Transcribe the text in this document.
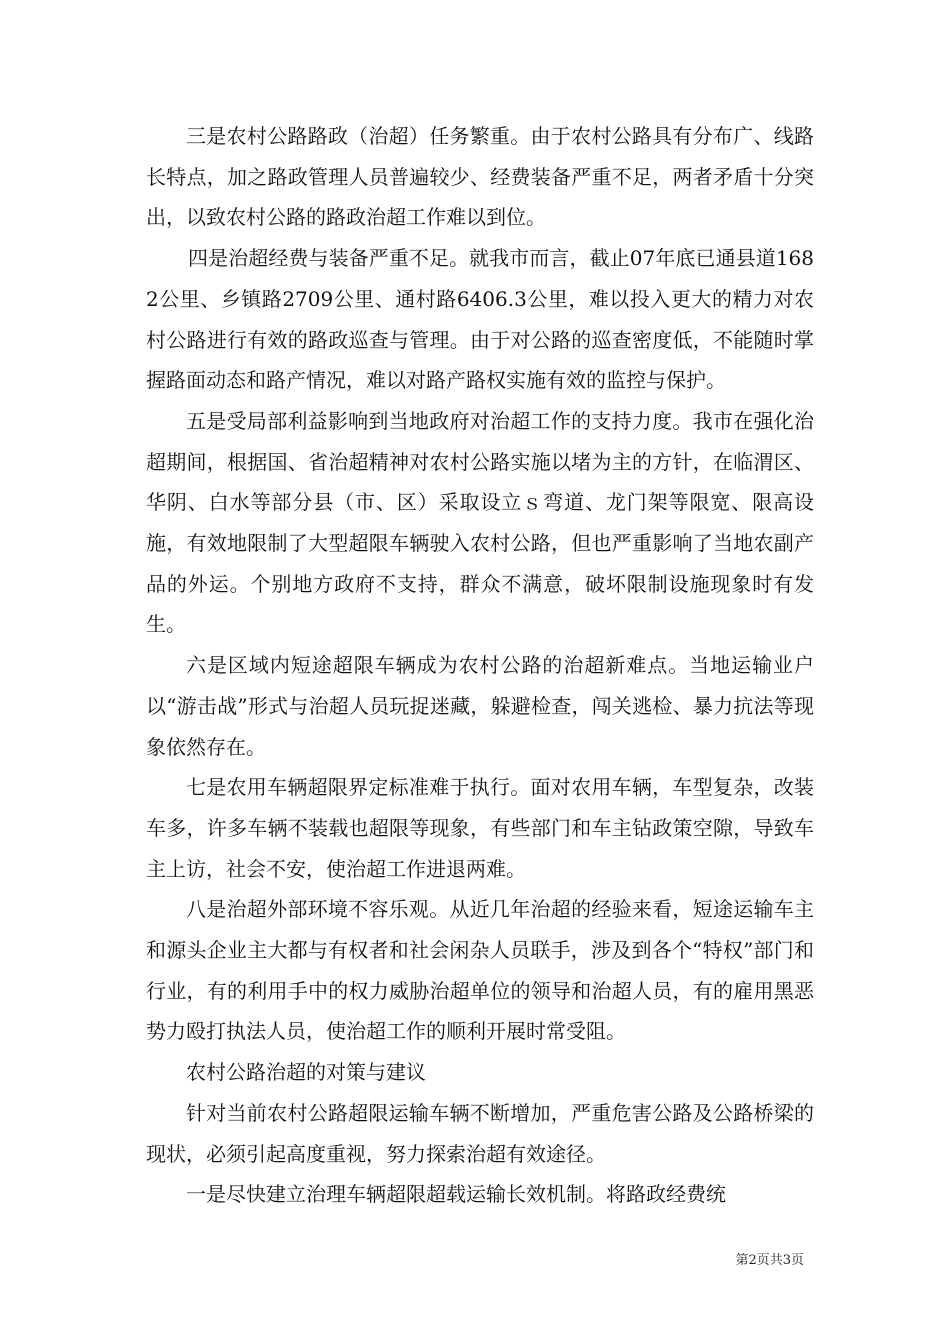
三是农村公路路政（治超）任务繁重。由于农村公路具有分布广、线路长特点，加之路政管理人员普遍较少、经费装备严重不足，两者矛盾十分突出，以致农村公路的路政治超工作难以到位。

四是治超经费与装备严重不足。就我市而言，截止07年底已通县道1682公里、乡镇路2709公里、通村路6406.3公里，难以投入更大的精力对农村公路进行有效的路政巡查与管理。由于对公路的巡查密度低，不能随时掌握路面动态和路产情况，难以对路产路权实施有效的监控与保护。

五是受局部利益影响到当地政府对治超工作的支持力度。我市在强化治超期间，根据国、省治超精神对农村公路实施以堵为主的方针，在临渭区、华阴、白水等部分县（市、区）采取设立ｓ弯道、龙门架等限宽、限高设施，有效地限制了大型超限车辆驶入农村公路，但也严重影响了当地农副产品的外运。个别地方政府不支持，群众不满意，破坏限制设施现象时有发生。

六是区域内短途超限车辆成为农村公路的治超新难点。当地运输业户以“游击战”形式与治超人员玩捉迷藏，躲避检查，闯关逃检、暴力抗法等现象依然存在。

七是农用车辆超限界定标准难于执行。面对农用车辆，车型复杂，改装车多，许多车辆不装载也超限等现象，有些部门和车主钻政策空隙，导致车主上访，社会不安，使治超工作进退两难。

八是治超外部环境不容乐观。从近几年治超的经验来看，短途运输车主和源头企业主大都与有权者和社会闲杂人员联手，涉及到各个“特权”部门和行业，有的利用手中的权力威胁治超单位的领导和治超人员，有的雇用黑恶势力殴打执法人员，使治超工作的顺利开展时常受阻。

农村公路治超的对策与建议

针对当前农村公路超限运输车辆不断增加，严重危害公路及公路桥梁的现状，必须引起高度重视，努力探索治超有效途径。

一是尽快建立治理车辆超限超载运输长效机制。将路政经费统

第2页共3页
